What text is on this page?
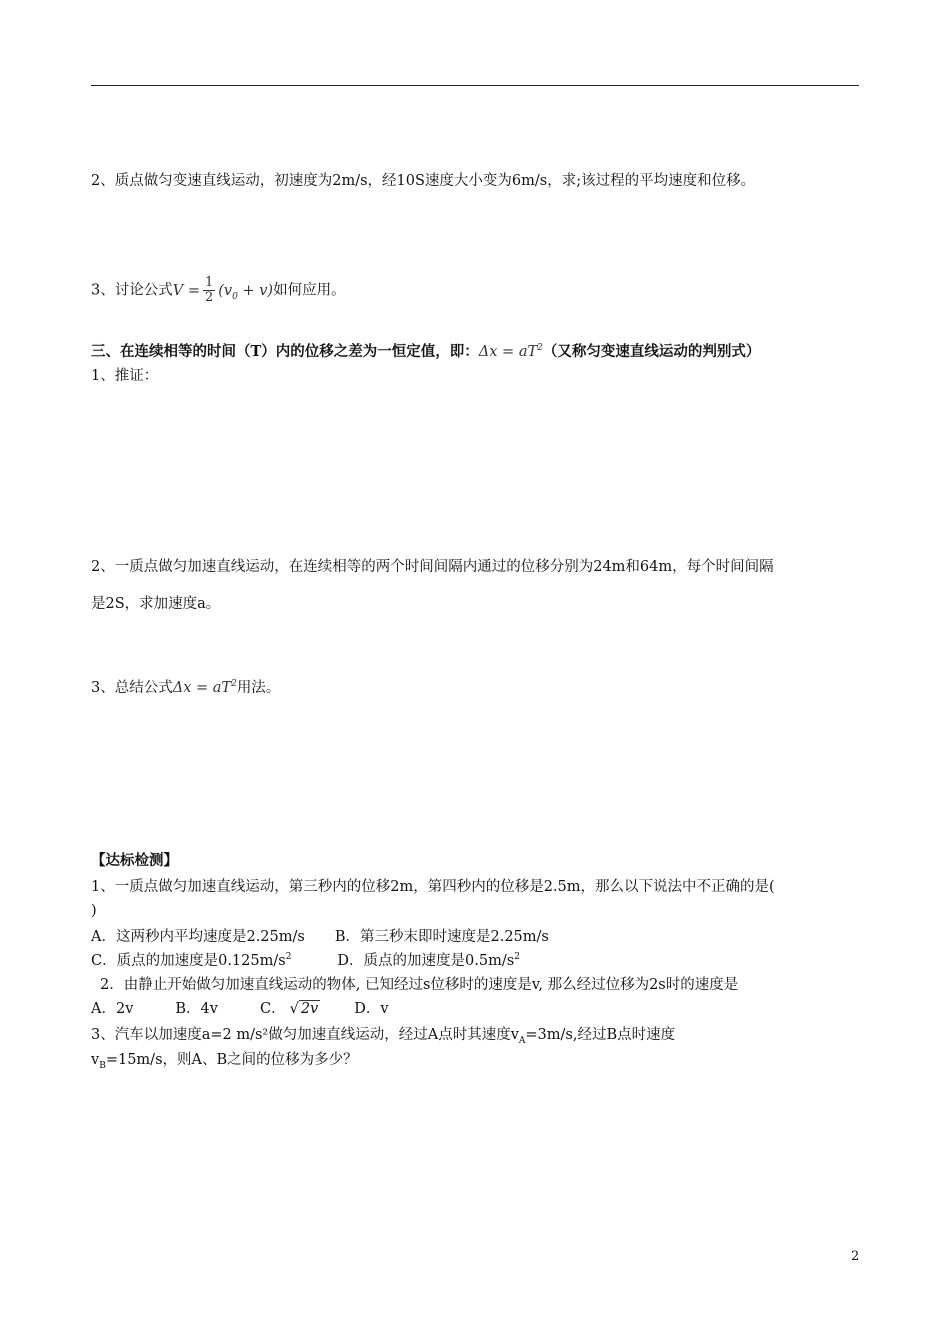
2、质点做匀变速直线运动，初速度为2m/s，经10S速度大小变为6m/s，求;该过程的平均速度和位移。
3、讨论公式$V = \frac{1}{2} (v_0 + v)$如何应用。
三、在连续相等的时间（T）内的位移之差为一恒定值，即：$\Delta x = aT^2$（又称匀变速直线运动的判别式）
1、推证：
2、一质点做匀加速直线运动，在连续相等的两个时间间隔内通过的位移分别为24m和64m，每个时间间隔
是2S，求加速度a。
3、总结公式$\Delta x = aT^2$用法。
【达标检测】
1、一质点做匀加速直线运动，第三秒内的位移2m，第四秒内的位移是2.5m，那么以下说法中不正确的是(
)
A．这两秒内平均速度是2.25m/s B．第三秒末即时速度是2.25m/s
C．质点的加速度是$0.125m/s^2$	D．质点的加速度是$0.5m/s^2$
2．由静止开始做匀加速直线运动的物体, 已知经过s位移时的速度是v, 那么经过位移为2s时的速度是
A．2v	B．4v	C． √ 2v D．v
3、汽车以加速度a=2 m/s²做匀加速直线运动，经过A点时其速度$v_A=3m/s$,经过B点时速度
$v_B=15m/s$，则A、B之间的位移为多少？
2
